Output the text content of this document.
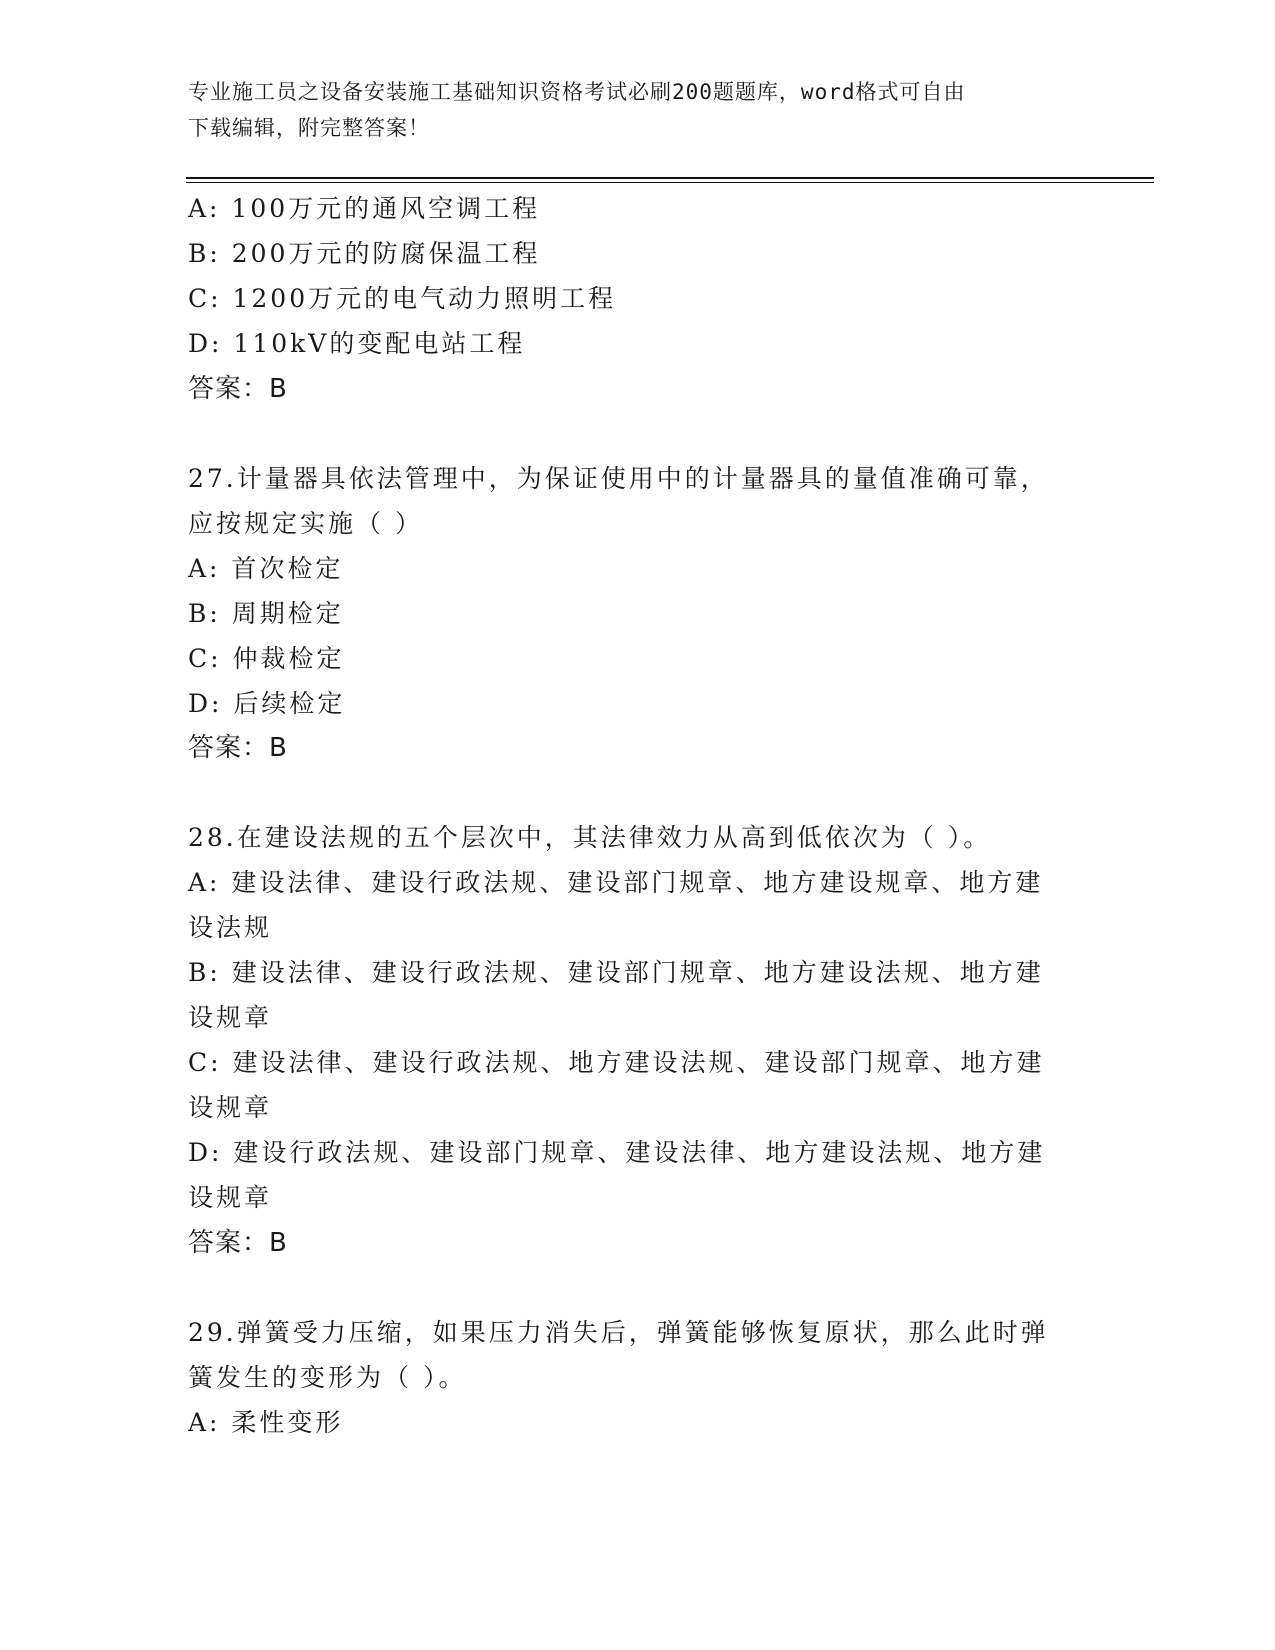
专业施工员之设备安装施工基础知识资格考试必刷200题题库，word格式可自由
下载编辑，附完整答案！
A: 100万元的通风空调工程
B: 200万元的防腐保温工程
C: 1200万元的电气动力照明工程
D: 110kV的变配电站工程
答案：B
27.计量器具依法管理中，为保证使用中的计量器具的量值准确可靠，
应按规定实施（ ）
A: 首次检定
B: 周期检定
C: 仲裁检定
D: 后续检定
答案：B
28.在建设法规的五个层次中，其法律效力从高到低依次为（ ）。
A: 建设法律、建设行政法规、建设部门规章、地方建设规章、地方建
设法规
B: 建设法律、建设行政法规、建设部门规章、地方建设法规、地方建
设规章
C: 建设法律、建设行政法规、地方建设法规、建设部门规章、地方建
设规章
D: 建设行政法规、建设部门规章、建设法律、地方建设法规、地方建
设规章
答案：B
29.弹簧受力压缩，如果压力消失后，弹簧能够恢复原状，那么此时弹
簧发生的变形为（ ）。
A: 柔性变形
